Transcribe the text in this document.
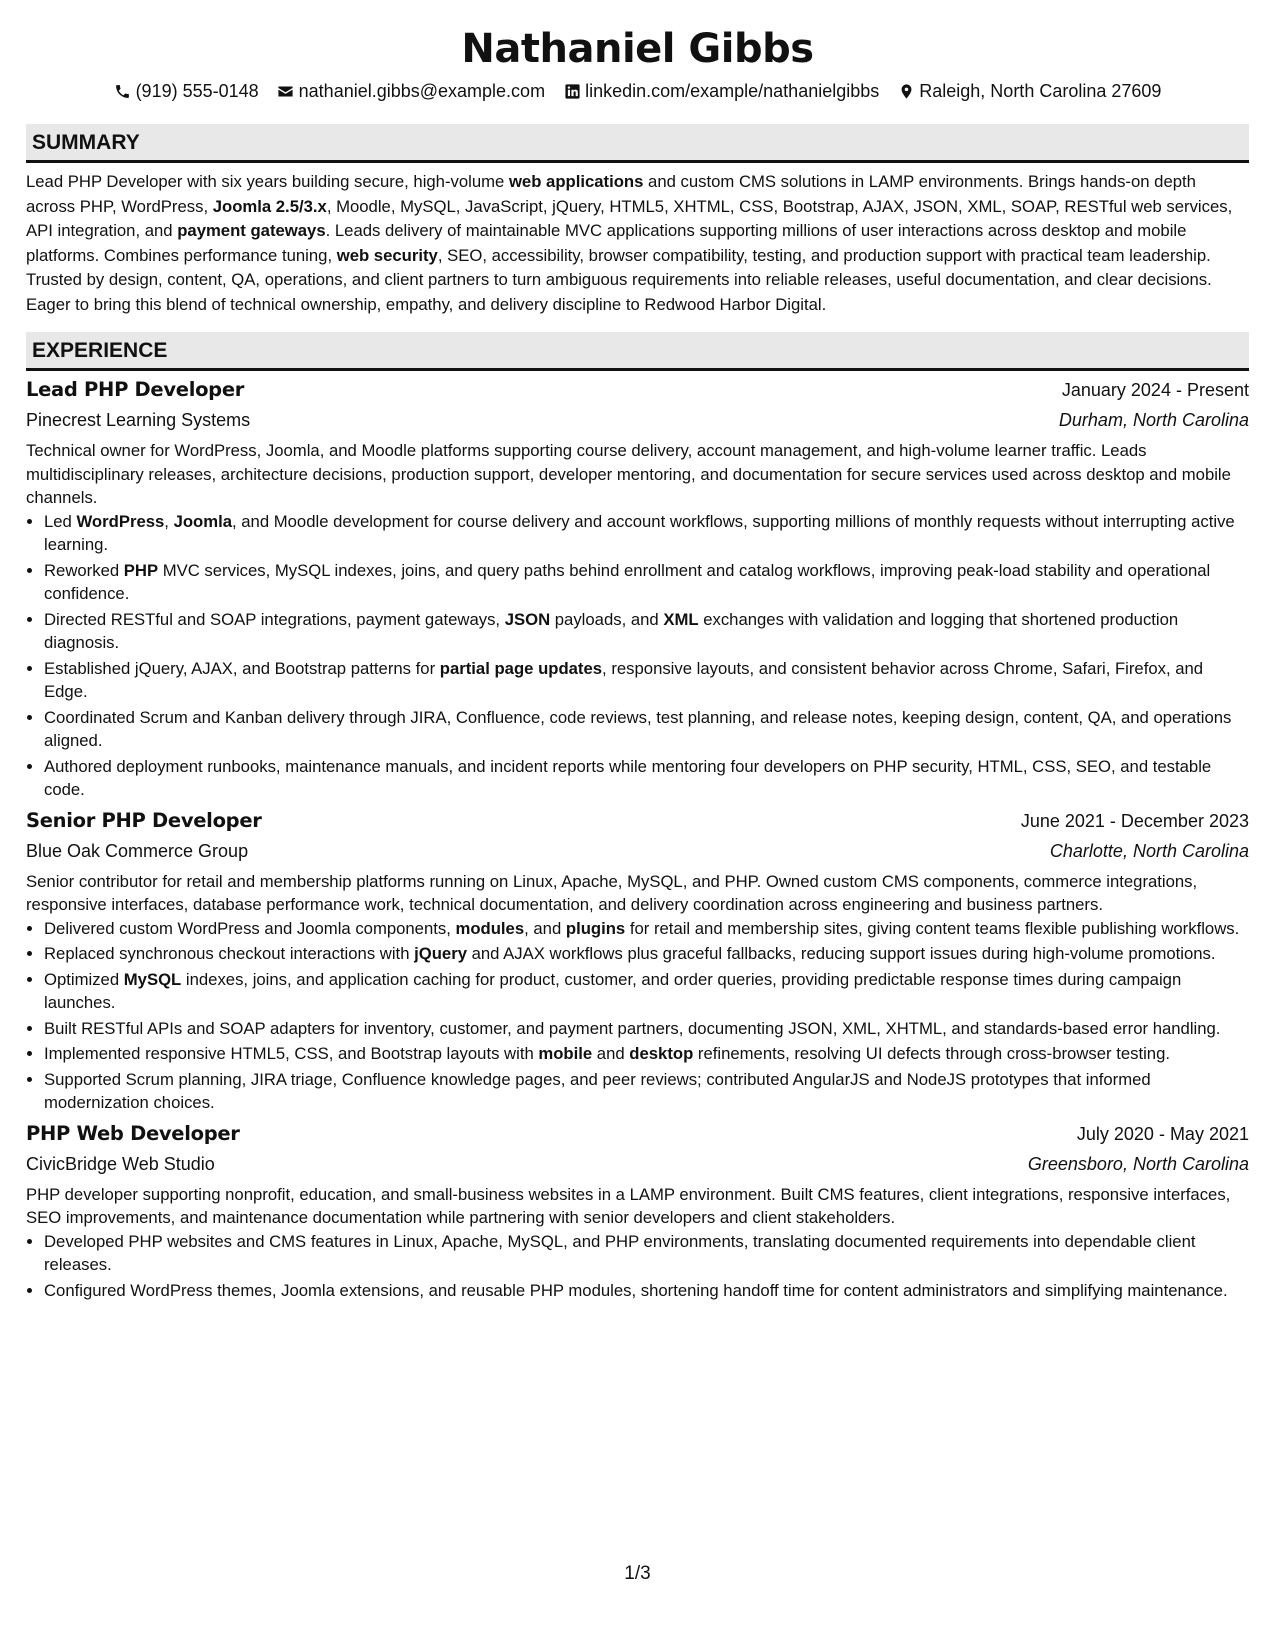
Nathaniel Gibbs
(919) 555-0148 nathaniel.gibbs@example.com linkedin.com/example/nathanielgibbs Raleigh, North Carolina 27609
SUMMARY

Lead PHP Developer with six years building secure, high-volume web applications and custom CMS solutions in LAMP environments. Brings hands-on depth across PHP, WordPress, Joomla 2.5/3.x, Moodle, MySQL, JavaScript, jQuery, HTML5, XHTML, CSS, Bootstrap, AJAX, JSON, XML, SOAP, RESTful web services, API integration, and payment gateways. Leads delivery of maintainable MVC applications supporting millions of user interactions across desktop and mobile platforms. Combines performance tuning, web security, SEO, accessibility, browser compatibility, testing, and production support with practical team leadership. Trusted by design, content, QA, operations, and client partners to turn ambiguous requirements into reliable releases, useful documentation, and clear decisions. Eager to bring this blend of technical ownership, empathy, and delivery discipline to Redwood Harbor Digital.

EXPERIENCE
Lead PHP Developer	January 2024 - Present
Pinecrest Learning Systems	Durham, North Carolina
Technical owner for WordPress, Joomla, and Moodle platforms supporting course delivery, account management, and high-volume learner traffic. Leads multidisciplinary releases, architecture decisions, production support, developer mentoring, and documentation for secure services used across desktop and mobile channels.
• Led WordPress, Joomla, and Moodle development for course delivery and account workflows, supporting millions of monthly requests without interrupting active learning.
• Reworked PHP MVC services, MySQL indexes, joins, and query paths behind enrollment and catalog workflows, improving peak-load stability and operational confidence.
• Directed RESTful and SOAP integrations, payment gateways, JSON payloads, and XML exchanges with validation and logging that shortened production diagnosis.
• Established jQuery, AJAX, and Bootstrap patterns for partial page updates, responsive layouts, and consistent behavior across Chrome, Safari, Firefox, and Edge.
• Coordinated Scrum and Kanban delivery through JIRA, Confluence, code reviews, test planning, and release notes, keeping design, content, QA, and operations aligned.
• Authored deployment runbooks, maintenance manuals, and incident reports while mentoring four developers on PHP security, HTML, CSS, SEO, and testable code.
Senior PHP Developer	June 2021 - December 2023
Blue Oak Commerce Group	Charlotte, North Carolina
Senior contributor for retail and membership platforms running on Linux, Apache, MySQL, and PHP. Owned custom CMS components, commerce integrations, responsive interfaces, database performance work, technical documentation, and delivery coordination across engineering and business partners.
• Delivered custom WordPress and Joomla components, modules, and plugins for retail and membership sites, giving content teams flexible publishing workflows.
• Replaced synchronous checkout interactions with jQuery and AJAX workflows plus graceful fallbacks, reducing support issues during high-volume promotions.
• Optimized MySQL indexes, joins, and application caching for product, customer, and order queries, providing predictable response times during campaign launches.
• Built RESTful APIs and SOAP adapters for inventory, customer, and payment partners, documenting JSON, XML, XHTML, and standards-based error handling.
• Implemented responsive HTML5, CSS, and Bootstrap layouts with mobile and desktop refinements, resolving UI defects through cross-browser testing.
• Supported Scrum planning, JIRA triage, Confluence knowledge pages, and peer reviews; contributed AngularJS and NodeJS prototypes that informed modernization choices.
PHP Web Developer	July 2020 - May 2021
CivicBridge Web Studio	Greensboro, North Carolina
PHP developer supporting nonprofit, education, and small-business websites in a LAMP environment. Built CMS features, client integrations, responsive interfaces, SEO improvements, and maintenance documentation while partnering with senior developers and client stakeholders.
• Developed PHP websites and CMS features in Linux, Apache, MySQL, and PHP environments, translating documented requirements into dependable client releases.
• Configured WordPress themes, Joomla extensions, and reusable PHP modules, shortening handoff time for content administrators and simplifying maintenance.
1/3
